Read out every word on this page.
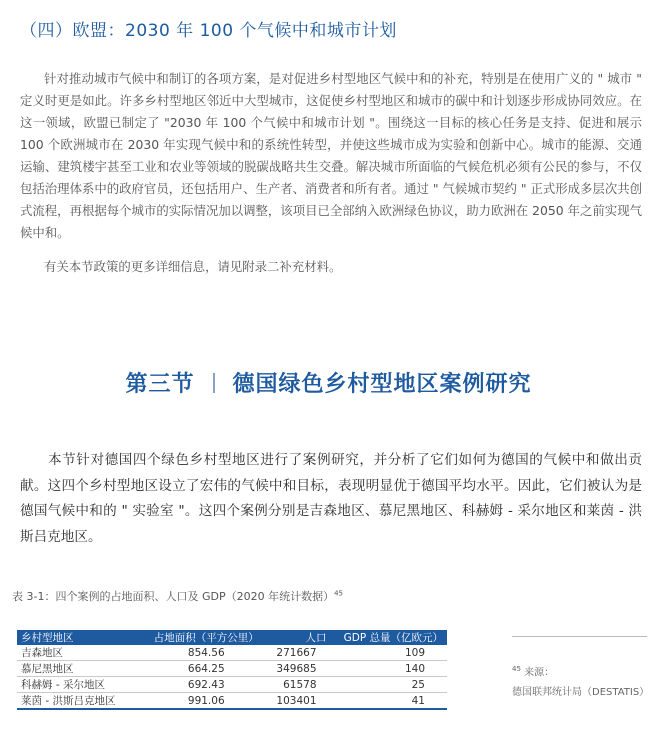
（四）欧盟：2030 年 100 个气候中和城市计划

针对推动城市气候中和制订的各项方案，是对促进乡村型地区气候中和的补充，特别是在使用广义的 " 城市 " 定义时更是如此。许多乡村型地区邻近中大型城市，这促使乡村型地区和城市的碳中和计划逐步形成协同效应。在这一领域，欧盟已制定了 "2030 年 100 个气候中和城市计划 "。围绕这一目标的核心任务是支持、促进和展示 100 个欧洲城市在 2030 年实现气候中和的系统性转型，并使这些城市成为实验和创新中心。城市的能源、交通运输、建筑楼宇甚至工业和农业等领域的脱碳战略共生交叠。解决城市所面临的气候危机必须有公民的参与，不仅包括治理体系中的政府官员，还包括用户、生产者、消费者和所有者。通过 " 气候城市契约 " 正式形成多层次共创式流程，再根据每个城市的实际情况加以调整，该项目已全部纳入欧洲绿色协议，助力欧洲在 2050 年之前实现气候中和。

有关本节政策的更多详细信息，请见附录二补充材料。

第三节 德国绿色乡村型地区案例研究

本节针对德国四个绿色乡村型地区进行了案例研究，并分析了它们如何为德国的气候中和做出贡献。这四个乡村型地区设立了宏伟的气候中和目标，表现明显优于德国平均水平。因此，它们被认为是德国气候中和的 " 实验室 "。这四个案例分别是吉森地区、慕尼黑地区、科赫姆 - 采尔地区和莱茵 - 洪斯吕克地区。

表 3-1：四个案例的占地面积、人口及 GDP（2020 年统计数据）$^{45}$
乡村型地区	占地面积（平方公里）	人口	GDP 总量（亿欧元）
吉森地区	854.56	271667	109
慕尼黑地区	664.25	349685	140
科赫姆 - 采尔地区	692.43	61578	25
莱茵 - 洪斯吕克地区	991.06	103401	41
$^{45}$ 来源：
德国联邦统计局（DESTATIS）
